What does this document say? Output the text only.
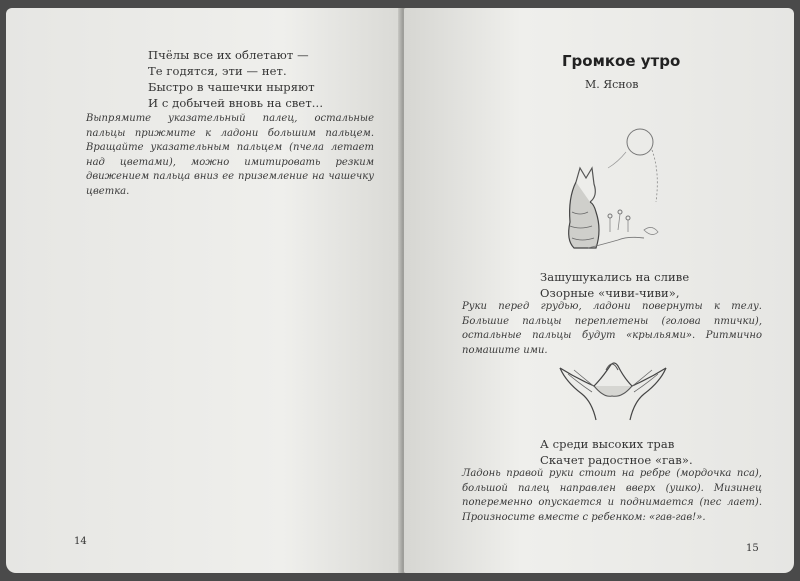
Пчёлы все их облетают —
Те годятся, эти — нет.
Быстро в чашечки ныряют
И с добычей вновь на свет...
Выпрямите указательный палец, остальные пальцы прижмите к ладони большим пальцем. Вращайте указательным пальцем (пчела летает над цветами), можно имитировать резким движением пальца вниз ее приземление на чашечку цветка.
14
Громкое утро
М. Яснов
Зашушукались на сливе
Озорные «чиви-чиви»,
Руки перед грудью, ладони повернуты к телу. Большие пальцы переплетены (голова птички), остальные пальцы будут «крыльями». Ритмично помашите ими.
А среди высоких трав
Скачет радостное «гав».
Ладонь правой руки стоит на ребре (мордочка пса), большой палец направлен вверх (ушко). Мизинец попеременно опускается и поднимается (пес лает). Произносите вместе с ребенком: «гав-гав!».
15
